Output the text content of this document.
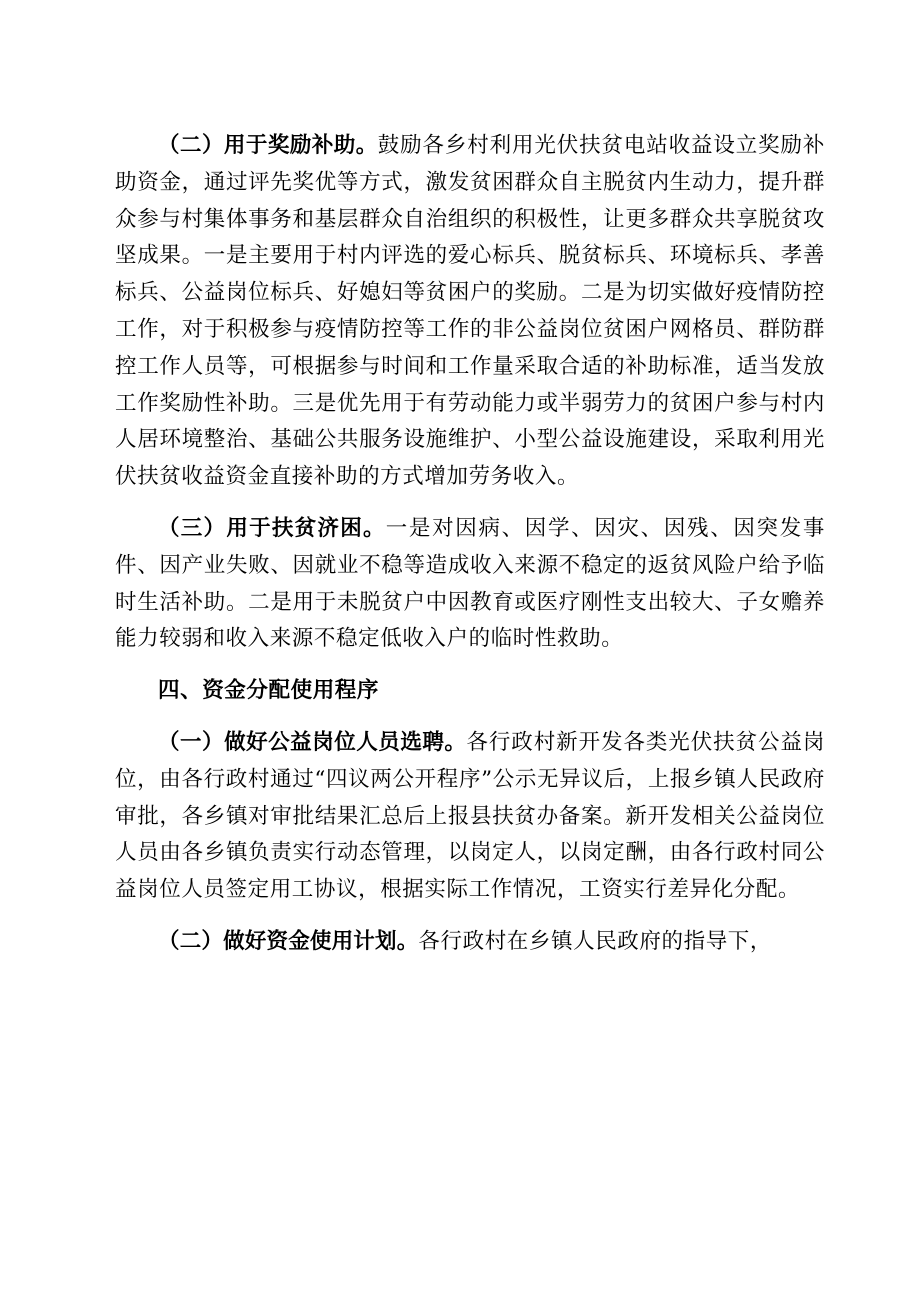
（二）用于奖励补助。鼓励各乡村利用光伏扶贫电站收益设立奖励补助资金，通过评先奖优等方式，激发贫困群众自主脱贫内生动力，提升群众参与村集体事务和基层群众自治组织的积极性，让更多群众共享脱贫攻坚成果。一是主要用于村内评选的爱心标兵、脱贫标兵、环境标兵、孝善标兵、公益岗位标兵、好媳妇等贫困户的奖励。二是为切实做好疫情防控工作，对于积极参与疫情防控等工作的非公益岗位贫困户网格员、群防群控工作人员等，可根据参与时间和工作量采取合适的补助标准，适当发放工作奖励性补助。三是优先用于有劳动能力或半弱劳力的贫困户参与村内人居环境整治、基础公共服务设施维护、小型公益设施建设，采取利用光伏扶贫收益资金直接补助的方式增加劳务收入。

（三）用于扶贫济困。一是对因病、因学、因灾、因残、因突发事件、因产业失败、因就业不稳等造成收入来源不稳定的返贫风险户给予临时生活补助。二是用于未脱贫户中因教育或医疗刚性支出较大、子女赡养能力较弱和收入来源不稳定低收入户的临时性救助。

四、资金分配使用程序

（一）做好公益岗位人员选聘。各行政村新开发各类光伏扶贫公益岗位，由各行政村通过“四议两公开程序”公示无异议后，上报乡镇人民政府审批，各乡镇对审批结果汇总后上报县扶贫办备案。新开发相关公益岗位人员由各乡镇负责实行动态管理，以岗定人，以岗定酬，由各行政村同公益岗位人员签定用工协议，根据实际工作情况，工资实行差异化分配。

（二）做好资金使用计划。各行政村在乡镇人民政府的指导下，
